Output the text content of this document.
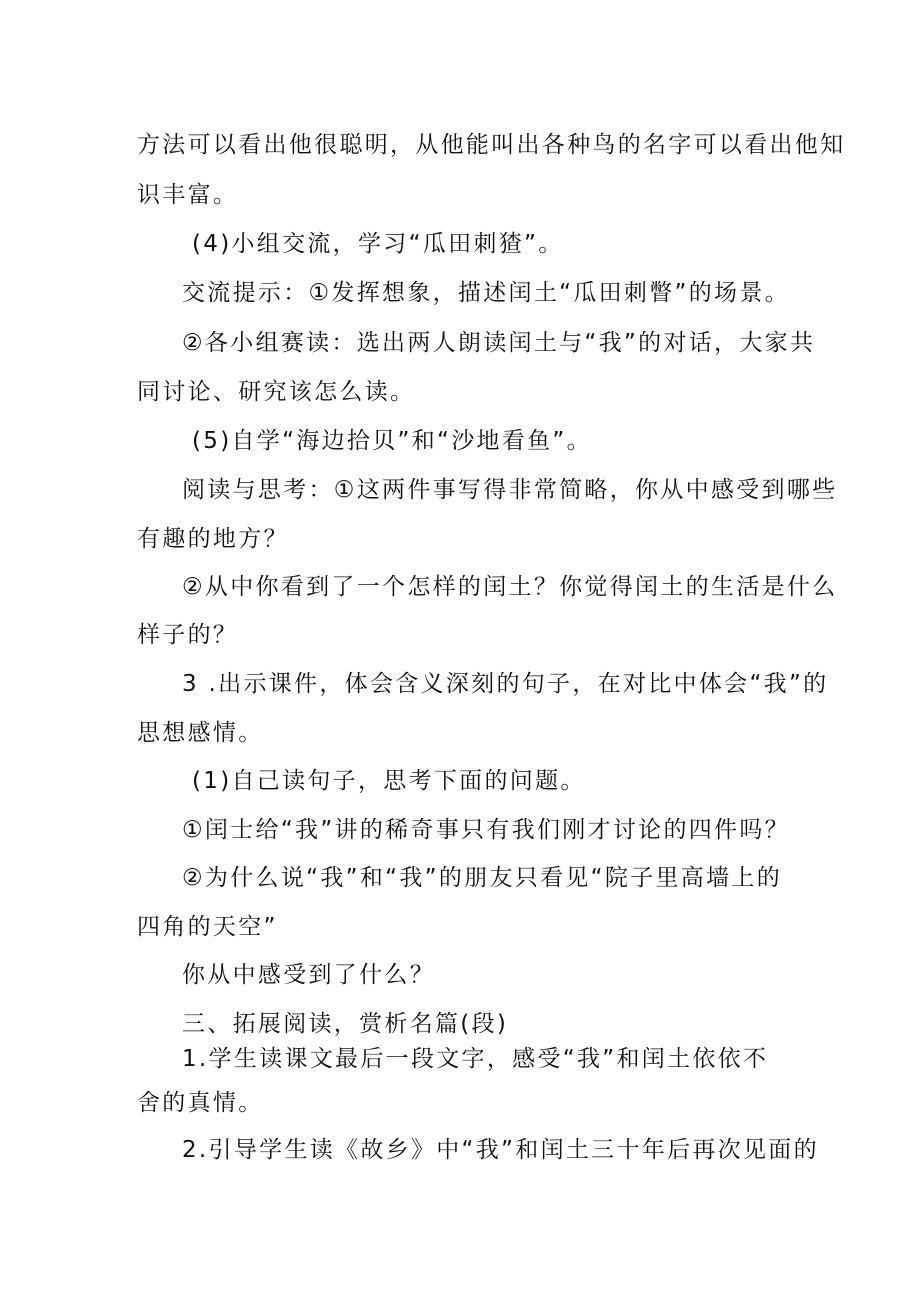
方法可以看出他很聪明，从他能叫出各种鸟的名字可以看出他知
识丰富。
(4)小组交流，学习“瓜田刺猹”。
交流提示：①发挥想象，描述闰土“瓜田刺瞥”的场景。
②各小组赛读：选出两人朗读闰土与“我”的对话，大家共
同讨论、研究该怎么读。
(5)自学“海边拾贝”和“沙地看鱼”。
阅读与思考：①这两件事写得非常简略，你从中感受到哪些
有趣的地方？
②从中你看到了一个怎样的闰土？你觉得闰土的生活是什么
样子的？
3 .出示课件，体会含义深刻的句子，在对比中体会“我”的
思想感情。
(1)自己读句子，思考下面的问题。
①闰士给“我”讲的稀奇事只有我们刚才讨论的四件吗？
②为什么说“我”和“我”的朋友只看见“院子里高墙上的
四角的天空”
你从中感受到了什么？
三、拓展阅读，赏析名篇(段)
1.学生读课文最后一段文字，感受“我”和闰土依依不
舍的真情。
2.引导学生读《故乡》中“我”和闰土三十年后再次见面的
